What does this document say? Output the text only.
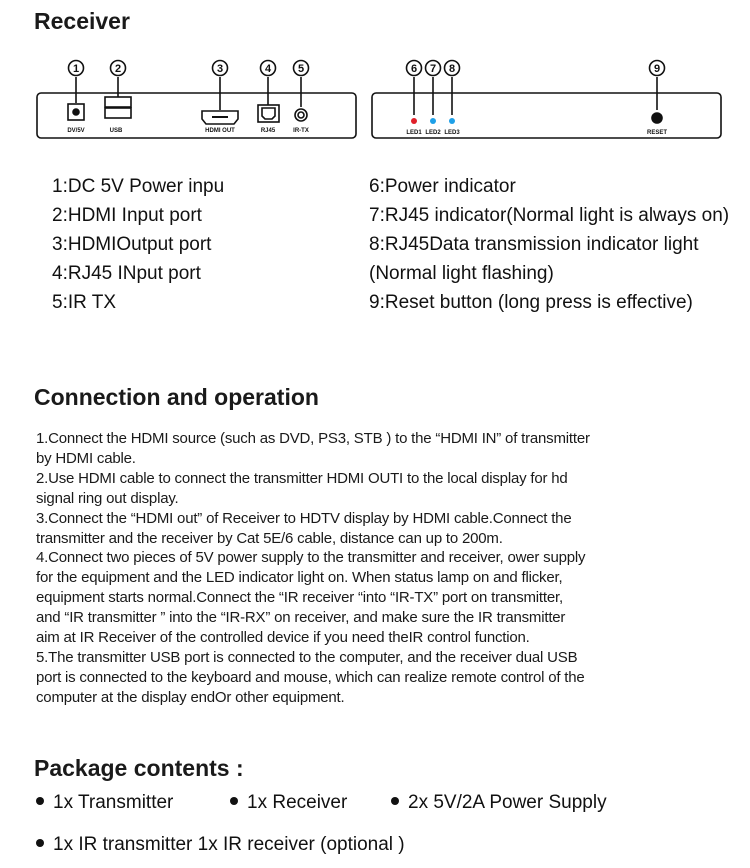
Receiver
1	2	3	4 5
DV/5V	USB	HDMI OUT	RJ45	IR-TX
6 7 8	9
LED1 LED2 LED3	RESET
1:DC 5V Power inpu
2:HDMI Input port
3:HDMIOutput port
4:RJ45 INput port
5:IR TX
6:Power indicator
7:RJ45 indicator(Normal light is always on)
8:RJ45Data transmission indicator light
(Normal light flashing)
9:Reset button (long press is effective)
Connection and operation
1.Connect the HDMI source (such as DVD, PS3, STB ) to the “HDMI IN” of transmitter
by HDMI cable.
2.Use HDMI cable to connect the transmitter HDMI OUTI to the local display for hd
signal ring out display.
3.Connect the “HDMI out” of Receiver to HDTV display by HDMI cable.Connect the
transmitter and the receiver by Cat 5E/6 cable, distance can up to 200m.
4.Connect two pieces of 5V power supply to the transmitter and receiver, ower supply
for the equipment and the LED indicator light on. When status lamp on and flicker,
equipment starts normal.Connect the “IR receiver “into “IR-TX” port on transmitter,
and “IR transmitter ” into the “IR-RX” on receiver, and make sure the IR transmitter
aim at IR Receiver of the controlled device if you need theIR control function.
5.The transmitter USB port is connected to the computer, and the receiver dual USB
port is connected to the keyboard and mouse, which can realize remote control of the
computer at the display endOr other equipment.
Package contents :
1x Transmitter	1x Receiver	2x 5V/2A Power Supply
1x IR transmitter 1x IR receiver (optional )
